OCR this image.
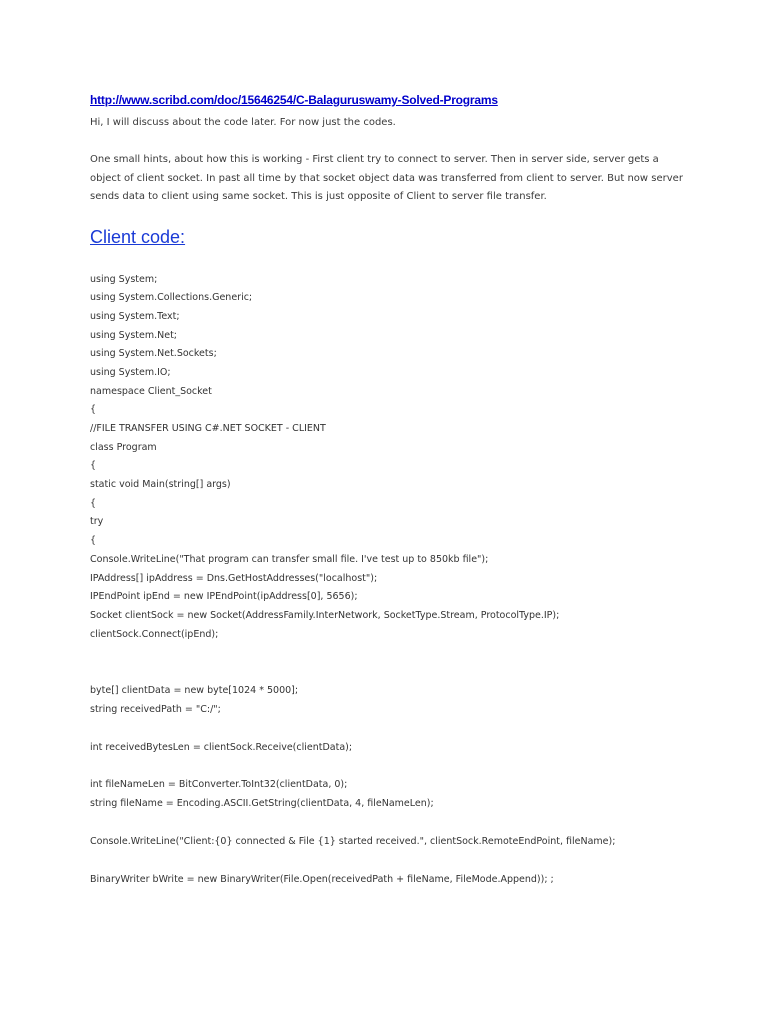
http://www.scribd.com/doc/15646254/C-Balaguruswamy-Solved-Programs
Hi, I will discuss about the code later. For now just the codes.
One small hints, about how this is working - First client try to connect to server. Then in server side, server gets a
object of client socket. In past all time by that socket object data was transferred from client to server. But now server
sends data to client using same socket. This is just opposite of Client to server file transfer.
Client code:
using System;
using System.Collections.Generic;
using System.Text;
using System.Net;
using System.Net.Sockets;
using System.IO;
namespace Client_Socket
{
//FILE TRANSFER USING C#.NET SOCKET - CLIENT
class Program
{
static void Main(string[] args)
{
try
{
Console.WriteLine("That program can transfer small file. I've test up to 850kb file");
IPAddress[] ipAddress = Dns.GetHostAddresses("localhost");
IPEndPoint ipEnd = new IPEndPoint(ipAddress[0], 5656);
Socket clientSock = new Socket(AddressFamily.InterNetwork, SocketType.Stream, ProtocolType.IP);
clientSock.Connect(ipEnd);
byte[] clientData = new byte[1024 * 5000];
string receivedPath = "C:/";
int receivedBytesLen = clientSock.Receive(clientData);
int fileNameLen = BitConverter.ToInt32(clientData, 0);
string fileName = Encoding.ASCII.GetString(clientData, 4, fileNameLen);
Console.WriteLine("Client:{0} connected & File {1} started received.", clientSock.RemoteEndPoint, fileName);
BinaryWriter bWrite = new BinaryWriter(File.Open(receivedPath + fileName, FileMode.Append)); ;
